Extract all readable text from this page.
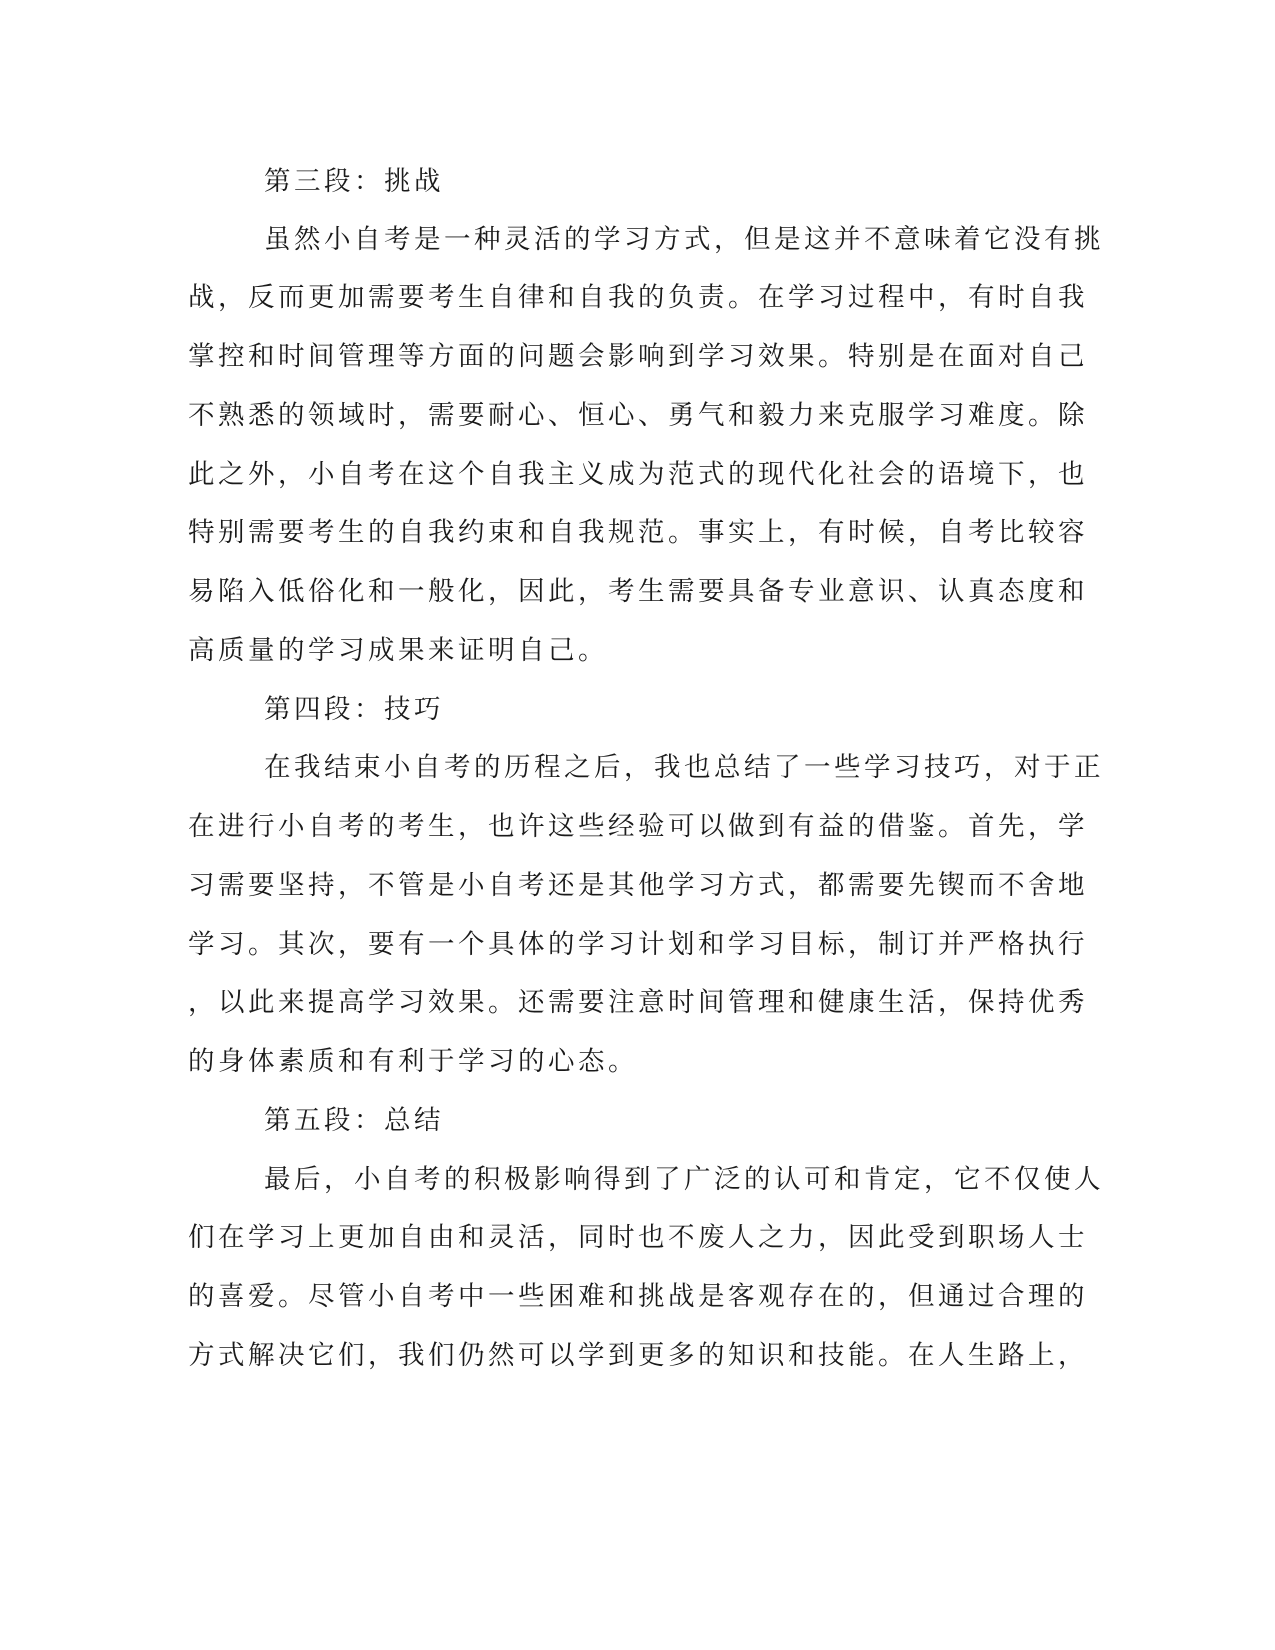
第三段：挑战
虽然小自考是一种灵活的学习方式，但是这并不意味着它没有挑
战，反而更加需要考生自律和自我的负责。在学习过程中，有时自我
掌控和时间管理等方面的问题会影响到学习效果。特别是在面对自己
不熟悉的领域时，需要耐心、恒心、勇气和毅力来克服学习难度。除
此之外，小自考在这个自我主义成为范式的现代化社会的语境下，也
特别需要考生的自我约束和自我规范。事实上，有时候，自考比较容
易陷入低俗化和一般化，因此，考生需要具备专业意识、认真态度和
高质量的学习成果来证明自己。
第四段：技巧
在我结束小自考的历程之后，我也总结了一些学习技巧，对于正
在进行小自考的考生，也许这些经验可以做到有益的借鉴。首先，学
习需要坚持，不管是小自考还是其他学习方式，都需要先锲而不舍地
学习。其次，要有一个具体的学习计划和学习目标，制订并严格执行
，以此来提高学习效果。还需要注意时间管理和健康生活，保持优秀
的身体素质和有利于学习的心态。
第五段：总结
最后，小自考的积极影响得到了广泛的认可和肯定，它不仅使人
们在学习上更加自由和灵活，同时也不废人之力，因此受到职场人士
的喜爱。尽管小自考中一些困难和挑战是客观存在的，但通过合理的
方式解决它们，我们仍然可以学到更多的知识和技能。在人生路上，
